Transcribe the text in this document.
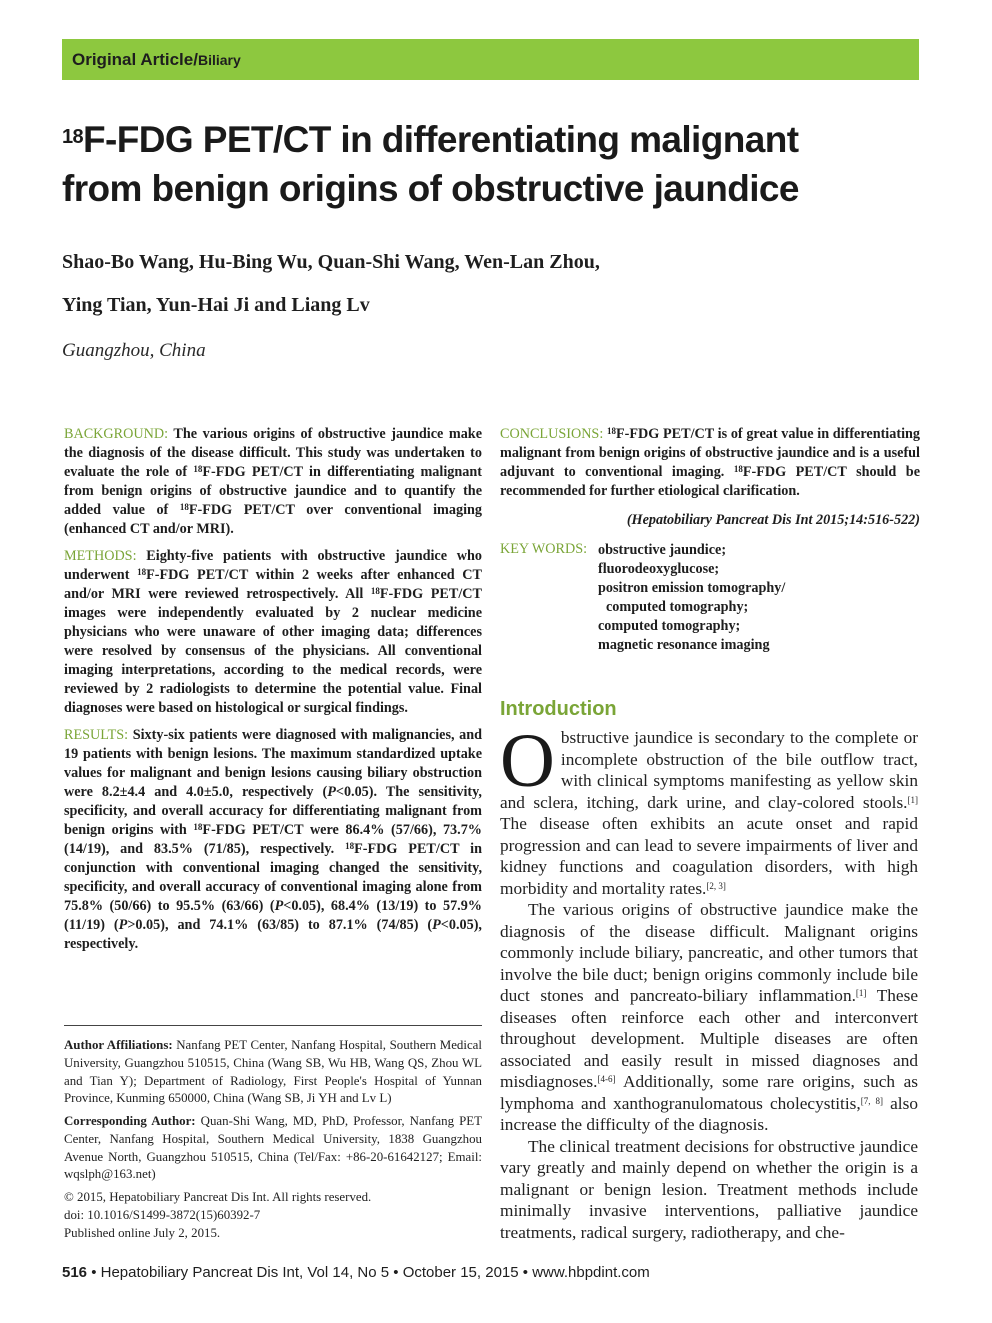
Original Article/Biliary
$^{18}$F-FDG PET/CT in differentiating malignant
from benign origins of obstructive jaundice
Shao-Bo Wang, Hu-Bing Wu, Quan-Shi Wang, Wen-Lan Zhou,
Ying Tian, Yun-Hai Ji and Liang Lv
Guangzhou, China
BACKGROUND: The various origins of obstructive jaundice make the diagnosis of the disease difficult. This study was undertaken to evaluate the role of $^{18}$F-FDG PET/CT in differentiating malignant from benign origins of obstructive jaundice and to quantify the added value of $^{18}$F-FDG PET/CT over conventional imaging (enhanced CT and/or MRI).
METHODS: Eighty-five patients with obstructive jaundice who underwent $^{18}$F-FDG PET/CT within 2 weeks after enhanced CT and/or MRI were reviewed retrospectively. All $^{18}$F-FDG PET/CT images were independently evaluated by 2 nuclear medicine physicians who were unaware of other imaging data; differences were resolved by consensus of the physicians. All conventional imaging interpretations, according to the medical records, were reviewed by 2 radiologists to determine the potential value. Final diagnoses were based on histological or surgical findings.
RESULTS: Sixty-six patients were diagnosed with malignancies, and 19 patients with benign lesions. The maximum standardized uptake values for malignant and benign lesions causing biliary obstruction were 8.2±4.4 and 4.0±5.0, respectively (P<0.05). The sensitivity, specificity, and overall accuracy for differentiating malignant from benign origins with $^{18}$F-FDG PET/CT were 86.4% (57/66), 73.7% (14/19), and 83.5% (71/85), respectively. $^{18}$F-FDG PET/CT in conjunction with conventional imaging changed the sensitivity, specificity, and overall accuracy of conventional imaging alone from 75.8% (50/66) to 95.5% (63/66) (P<0.05), 68.4% (13/19) to 57.9% (11/19) (P>0.05), and 74.1% (63/85) to 87.1% (74/85) (P<0.05), respectively.
CONCLUSIONS: $^{18}$F-FDG PET/CT is of great value in differentiating malignant from benign origins of obstructive jaundice and is a useful adjuvant to conventional imaging. $^{18}$F-FDG PET/CT should be recommended for further etiological clarification.
(Hepatobiliary Pancreat Dis Int 2015;14:516-522)
KEY WORDS: obstructive jaundice;
fluorodeoxyglucose;
positron emission tomography/
computed tomography;
computed tomography;
magnetic resonance imaging
Introduction

Obstructive jaundice is secondary to the complete or incomplete obstruction of the bile outflow tract, with clinical symptoms manifesting as yellow skin and sclera, itching, dark urine, and clay-colored stools.[1] The disease often exhibits an acute onset and rapid progression and can lead to severe impairments of liver and kidney functions and coagulation disorders, with high morbidity and mortality rates.[2, 3]

The various origins of obstructive jaundice make the diagnosis of the disease difficult. Malignant origins commonly include biliary, pancreatic, and other tumors that involve the bile duct; benign origins commonly include bile duct stones and pancreato-biliary inflammation.[1] These diseases often reinforce each other and interconvert throughout development. Multiple diseases are often associated and easily result in missed diagnoses and misdiagnoses.[4-6] Additionally, some rare origins, such as lymphoma and xanthogranulomatous cholecystitis,[7, 8] also increase the difficulty of the diagnosis.

The clinical treatment decisions for obstructive jaundice vary greatly and mainly depend on whether the origin is a malignant or benign lesion. Treatment methods include minimally invasive interventions, palliative jaundice treatments, radical surgery, radiotherapy, and che-

Author Affiliations: Nanfang PET Center, Nanfang Hospital, Southern Medical University, Guangzhou 510515, China (Wang SB, Wu HB, Wang QS, Zhou WL and Tian Y); Department of Radiology, First People's Hospital of Yunnan Province, Kunming 650000, China (Wang SB, Ji YH and Lv L)
Corresponding Author: Quan-Shi Wang, MD, PhD, Professor, Nanfang PET Center, Nanfang Hospital, Southern Medical University, 1838 Guangzhou Avenue North, Guangzhou 510515, China (Tel/Fax: +86-20-61642127; Email: wqslph@163.net)
© 2015, Hepatobiliary Pancreat Dis Int. All rights reserved.
doi: 10.1016/S1499-3872(15)60392-7
Published online July 2, 2015.
516 • Hepatobiliary Pancreat Dis Int, Vol 14, No 5 • October 15, 2015 • www.hbpdint.com
